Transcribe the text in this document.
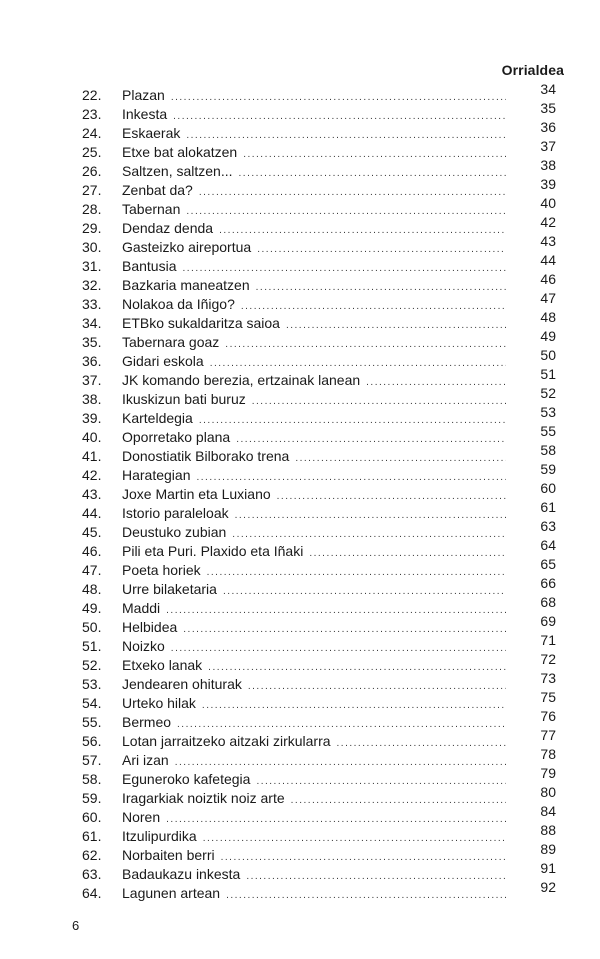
Orrialdea
22.	Plazan .....	34
23.	Inkesta .....	35
24.	Eskaerak .....	36
25.	Etxe bat alokatzen .....	37
26.	Saltzen, saltzen... .....	38
27.	Zenbat da? .....	39
28.	Tabernan .....	40
29.	Dendaz denda .....	42
30.	Gasteizko aireportua .....	43
31.	Bantusia .....	44
32.	Bazkaria maneatzen .....	46
33.	Nolakoa da Iñigo? .....	47
34.	ETBko sukaldaritza saioa .....	48
35.	Tabernara goaz .....	49
36.	Gidari eskola .....	50
37.	JK komando berezia, ertzainak lanean .....	51
38.	Ikuskizun bati buruz .....	52
39.	Karteldegia .....	53
40.	Oporretako plana .....	55
41.	Donostiatik Bilborako trena .....	58
42.	Harategian .....	59
43.	Joxe Martin eta Luxiano .....	60
44.	Istorio paraleloak .....	61
45.	Deustuko zubian .....	63
46.	Pili eta Puri. Plaxido eta Iñaki .....	64
47.	Poeta horiek .....	65
48.	Urre bilaketaria .....	66
49.	Maddi .....	68
50.	Helbidea .....	69
51.	Noizko .....	71
52.	Etxeko lanak .....	72
53.	Jendearen ohiturak .....	73
54.	Urteko hilak .....	75
55.	Bermeo .....	76
56.	Lotan jarraitzeko aitzaki zirkularra .....	77
57.	Ari izan .....	78
58.	Eguneroko kafetegia .....	79
59.	Iragarkiak noiztik noiz arte .....	80
60.	Noren .....	84
61.	Itzulipurdika .....	88
62.	Norbaiten berri .....	89
63.	Badaukazu inkesta .....	91
64.	Lagunen artean .....	92
6
